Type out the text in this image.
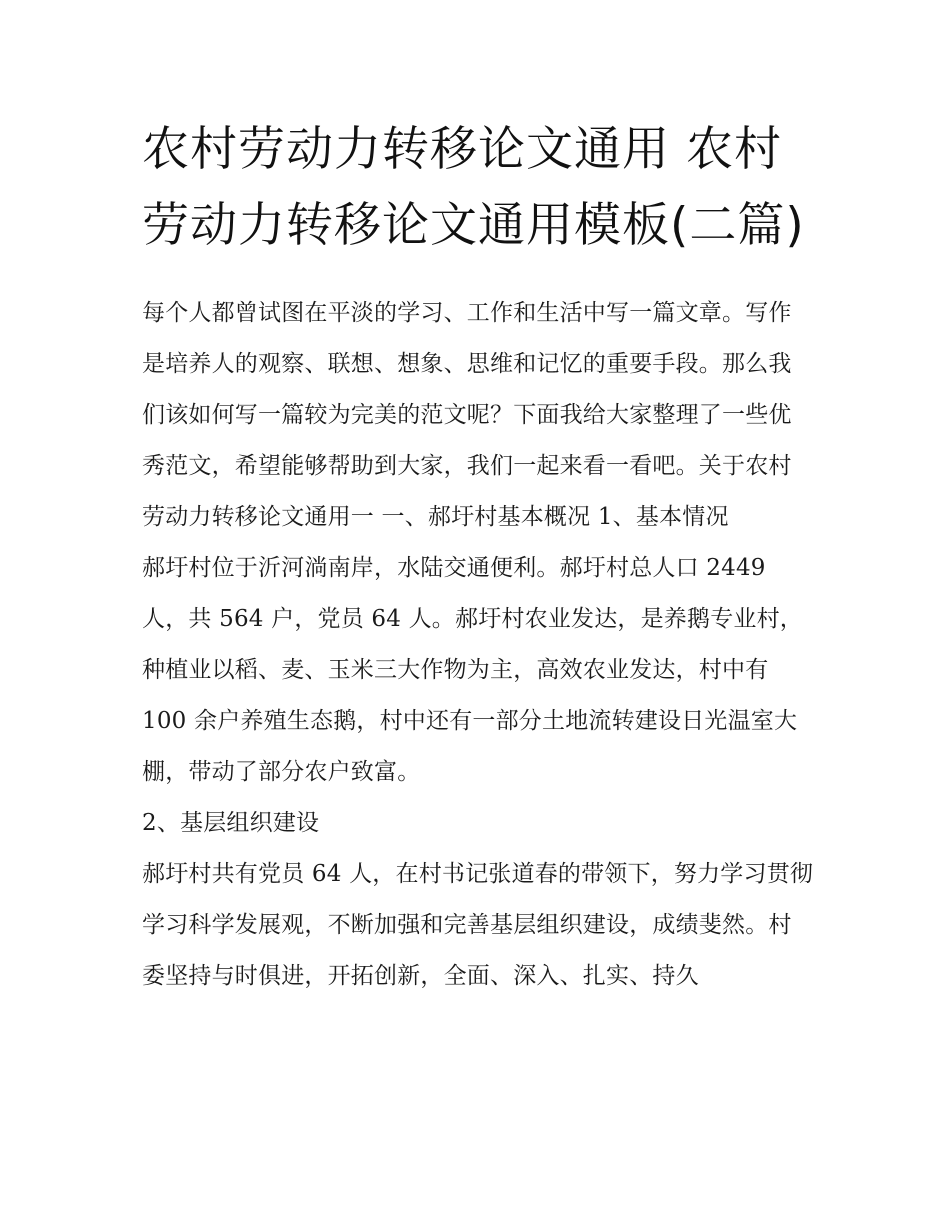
农村劳动力转移论文通用 农村劳动力转移论文通用模板(二篇)

每个人都曾试图在平淡的学习、工作和生活中写一篇文章。写作是培养人的观察、联想、想象、思维和记忆的重要手段。那么我们该如何写一篇较为完美的范文呢？下面我给大家整理了一些优秀范文，希望能够帮助到大家，我们一起来看一看吧。关于农村劳动力转移论文通用一 一、郝圩村基本概况 1、基本情况

郝圩村位于沂河淌南岸，水陆交通便利。郝圩村总人口 2449 人，共 564 户，党员 64 人。郝圩村农业发达，是养鹅专业村，种植业以稻、麦、玉米三大作物为主，高效农业发达，村中有 100 余户养殖生态鹅，村中还有一部分土地流转建设日光温室大棚，带动了部分农户致富。

2、基层组织建设

郝圩村共有党员 64 人，在村书记张道春的带领下，努力学习贯彻学习科学发展观，不断加强和完善基层组织建设，成绩斐然。村委坚持与时俱进，开拓创新，全面、深入、扎实、持久
